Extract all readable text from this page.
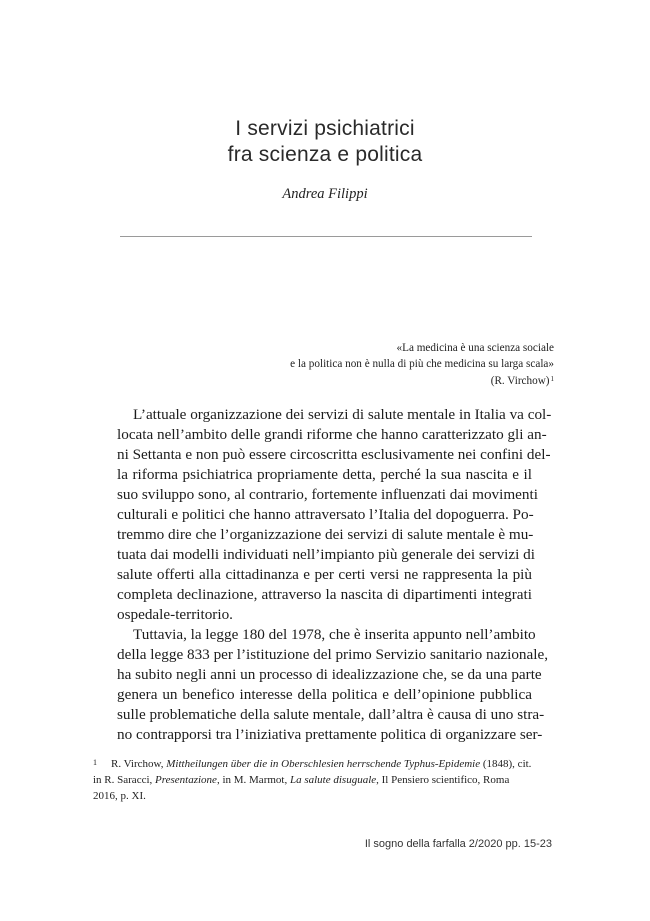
I servizi psichiatrici
fra scienza e politica
Andrea Filippi
«La medicina è una scienza sociale
e la politica non è nulla di più che medicina su larga scala»
(R. Virchow)$^1$
L’attuale organizzazione dei servizi di salute mentale in Italia va col-
locata nell’ambito delle grandi riforme che hanno caratterizzato gli an-
ni Settanta e non può essere circoscritta esclusivamente nei confini del-
la riforma psichiatrica propriamente detta, perché la sua nascita e il
suo sviluppo sono, al contrario, fortemente influenzati dai movimenti
culturali e politici che hanno attraversato l’Italia del dopoguerra. Po-
tremmo dire che l’organizzazione dei servizi di salute mentale è mu-
tuata dai modelli individuati nell’impianto più generale dei servizi di
salute offerti alla cittadinanza e per certi versi ne rappresenta la più
completa declinazione, attraverso la nascita di dipartimenti integrati
ospedale-territorio.
Tuttavia, la legge 180 del 1978, che è inserita appunto nell’ambito
della legge 833 per l’istituzione del primo Servizio sanitario nazionale,
ha subito negli anni un processo di idealizzazione che, se da una parte
genera un benefico interesse della politica e dell’opinione pubblica
sulle problematiche della salute mentale, dall’altra è causa di uno stra-
no contrapporsi tra l’iniziativa prettamente politica di organizzare ser-
$^1$ R. Virchow, Mittheilungen über die in Oberschlesien herrschende Typhus-Epidemie (1848), cit.
in R. Saracci, Presentazione, in M. Marmot, La salute disuguale, Il Pensiero scientifico, Roma
2016, p. XI.
Il sogno della farfalla 2/2020 pp. 15-23
